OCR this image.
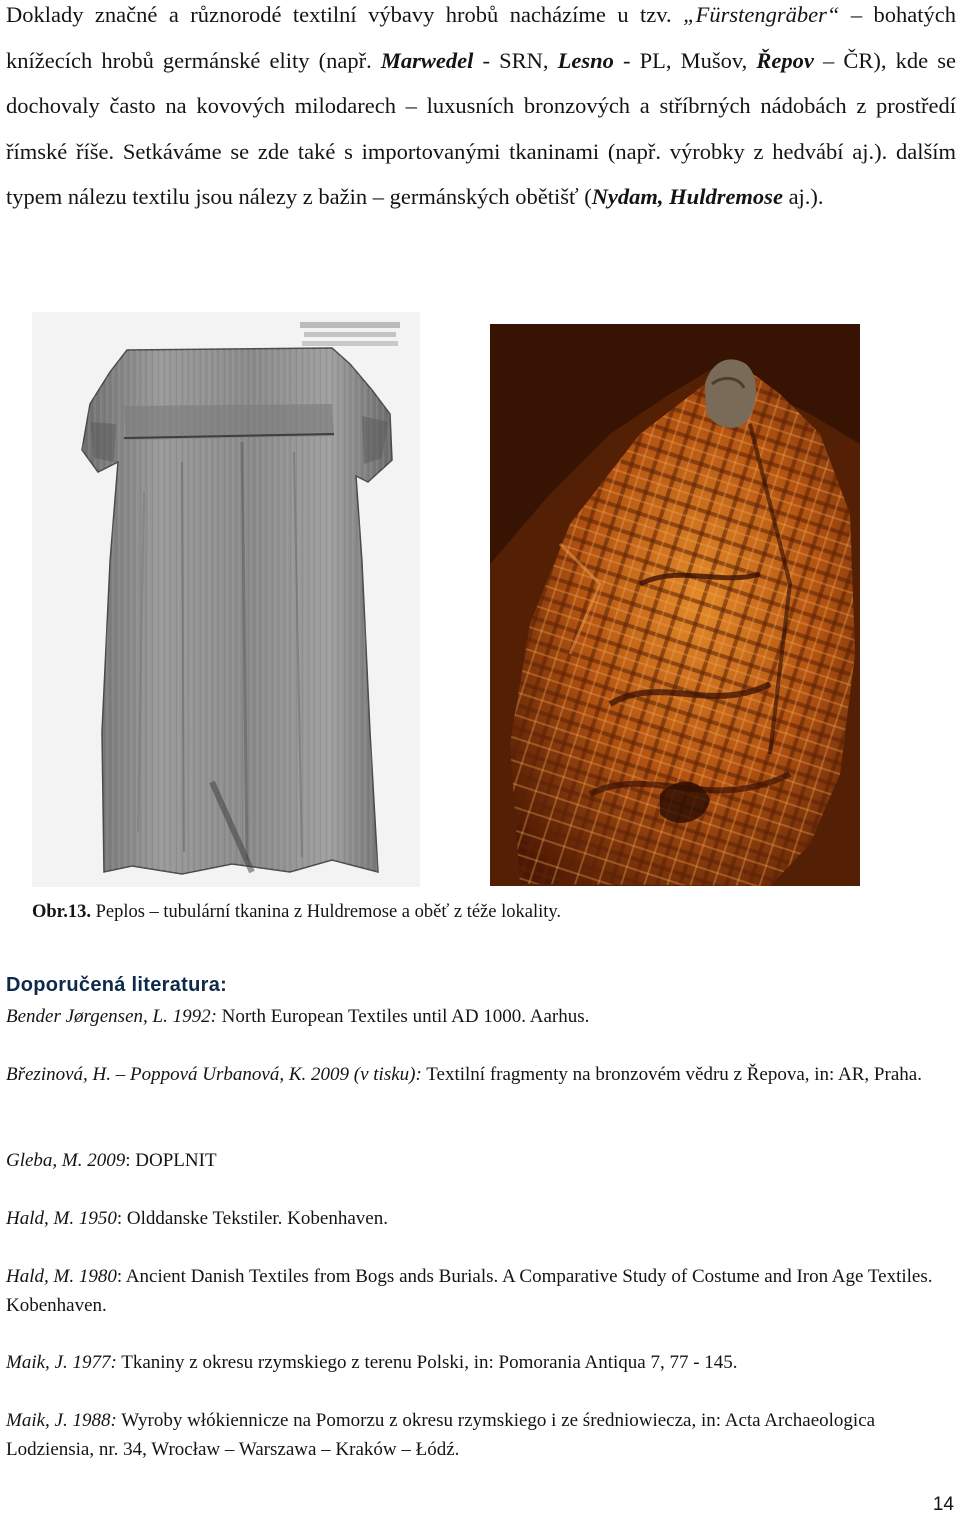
Doklady značné a různorodé textilní výbavy hrobů nacházíme u tzv. „Fürstengräber“ – bohatých knížecích hrobů germánské elity (např. Marwedel - SRN, Lesno - PL, Mušov, Řepov – ČR), kde se dochovaly často na kovových milodarech – luxusních bronzových a stříbrných nádobách z prostředí římské říše. Setkáváme se zde také s importovanými tkaninami (např. výrobky z hedvábí aj.). dalším typem nálezu textilu jsou nálezy z bažin – germánských obětišť (Nydam, Huldremose aj.).

Obr.13. Peplos – tubulární tkanina z Huldremose a oběť z téže lokality.

Doporučená literatura:

Bender Jørgensen, L. 1992: North European Textiles until AD 1000. Aarhus.

Březinová, H. – Poppová Urbanová, K. 2009 (v tisku): Textilní fragmenty na bronzovém vědru z Řepova, in: AR, Praha.

Gleba, M. 2009: DOPLNIT

Hald, M. 1950: Olddanske Tekstiler. Kobenhaven.

Hald, M. 1980: Ancient Danish Textiles from Bogs ands Burials. A Comparative Study of Costume and Iron Age Textiles. Kobenhaven.

Maik, J. 1977: Tkaniny z okresu rzymskiego z terenu Polski, in: Pomorania Antiqua 7, 77 - 145.

Maik, J. 1988: Wyroby włókiennicze na Pomorzu z okresu rzymskiego i ze średniowiecza, in: Acta Archaeologica Lodziensia, nr. 34, Wrocław – Warszawa – Kraków – Łódź.

14
